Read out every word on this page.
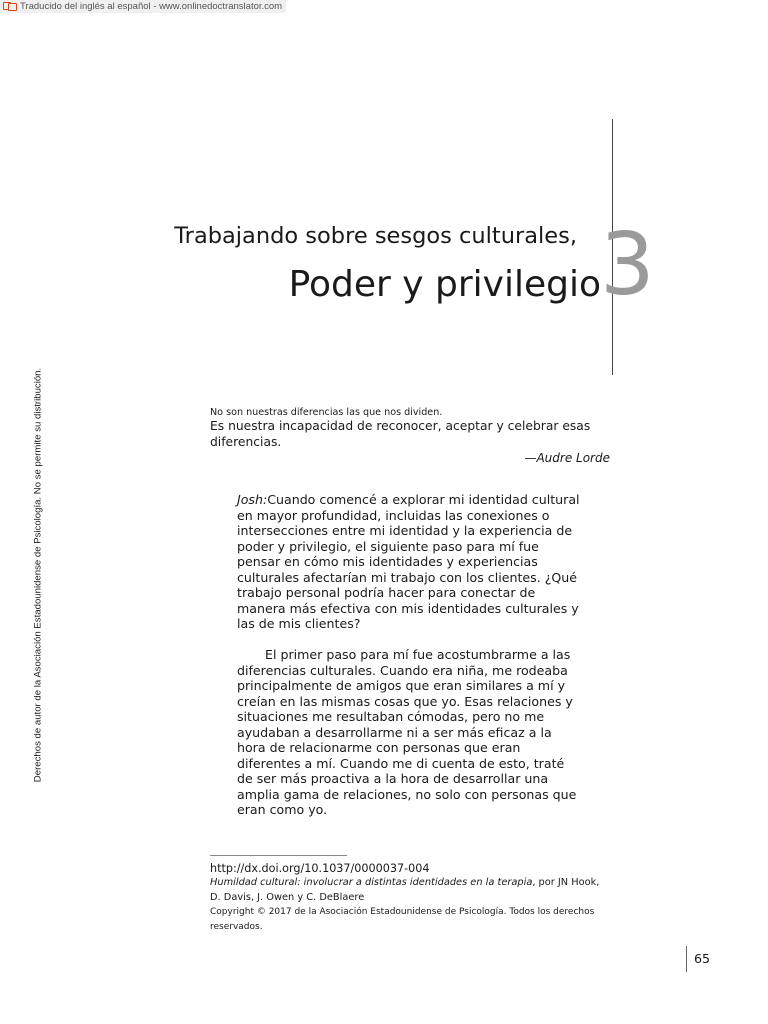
Traducido del inglés al español - www.onlinedoctranslator.com
3
Trabajando sobre sesgos culturales,
Poder y privilegio
Derechos de autor de la Asociación Estadounidense de Psicología. No se permite su distribución.	No son nuestras diferencias las que nos dividen.
Es nuestra incapacidad de reconocer, aceptar y celebrar esas diferencias.
—Audre Lorde

Josh:Cuando comencé a explorar mi identidad cultural en mayor profundidad, incluidas las conexiones o intersecciones entre mi identidad y la experiencia de poder y privilegio, el siguiente paso para mí fue pensar en cómo mis identidades y experiencias culturales afectarían mi trabajo con los clientes. ¿Qué trabajo personal podría hacer para conectar de manera más efectiva con mis identidades culturales y las de mis clientes?

El primer paso para mí fue acostumbrarme a las diferencias culturales. Cuando era niña, me rodeaba principalmente de amigos que eran similares a mí y creían en las mismas cosas que yo. Esas relaciones y situaciones me resultaban cómodas, pero no me ayudaban a desarrollarme ni a ser más eficaz a la hora de relacionarme con personas que eran diferentes a mí. Cuando me di cuenta de esto, traté de ser más proactiva a la hora de desarrollar una amplia gama de relaciones, no solo con personas que eran como yo.

http://dx.doi.org/10.1037/0000037-004
Humildad cultural: involucrar a distintas identidades en la terapia, por JN Hook, D. Davis, J. Owen y C. DeBlaere
Copyright © 2017 de la Asociación Estadounidense de Psicología. Todos los derechos reservados.
65
